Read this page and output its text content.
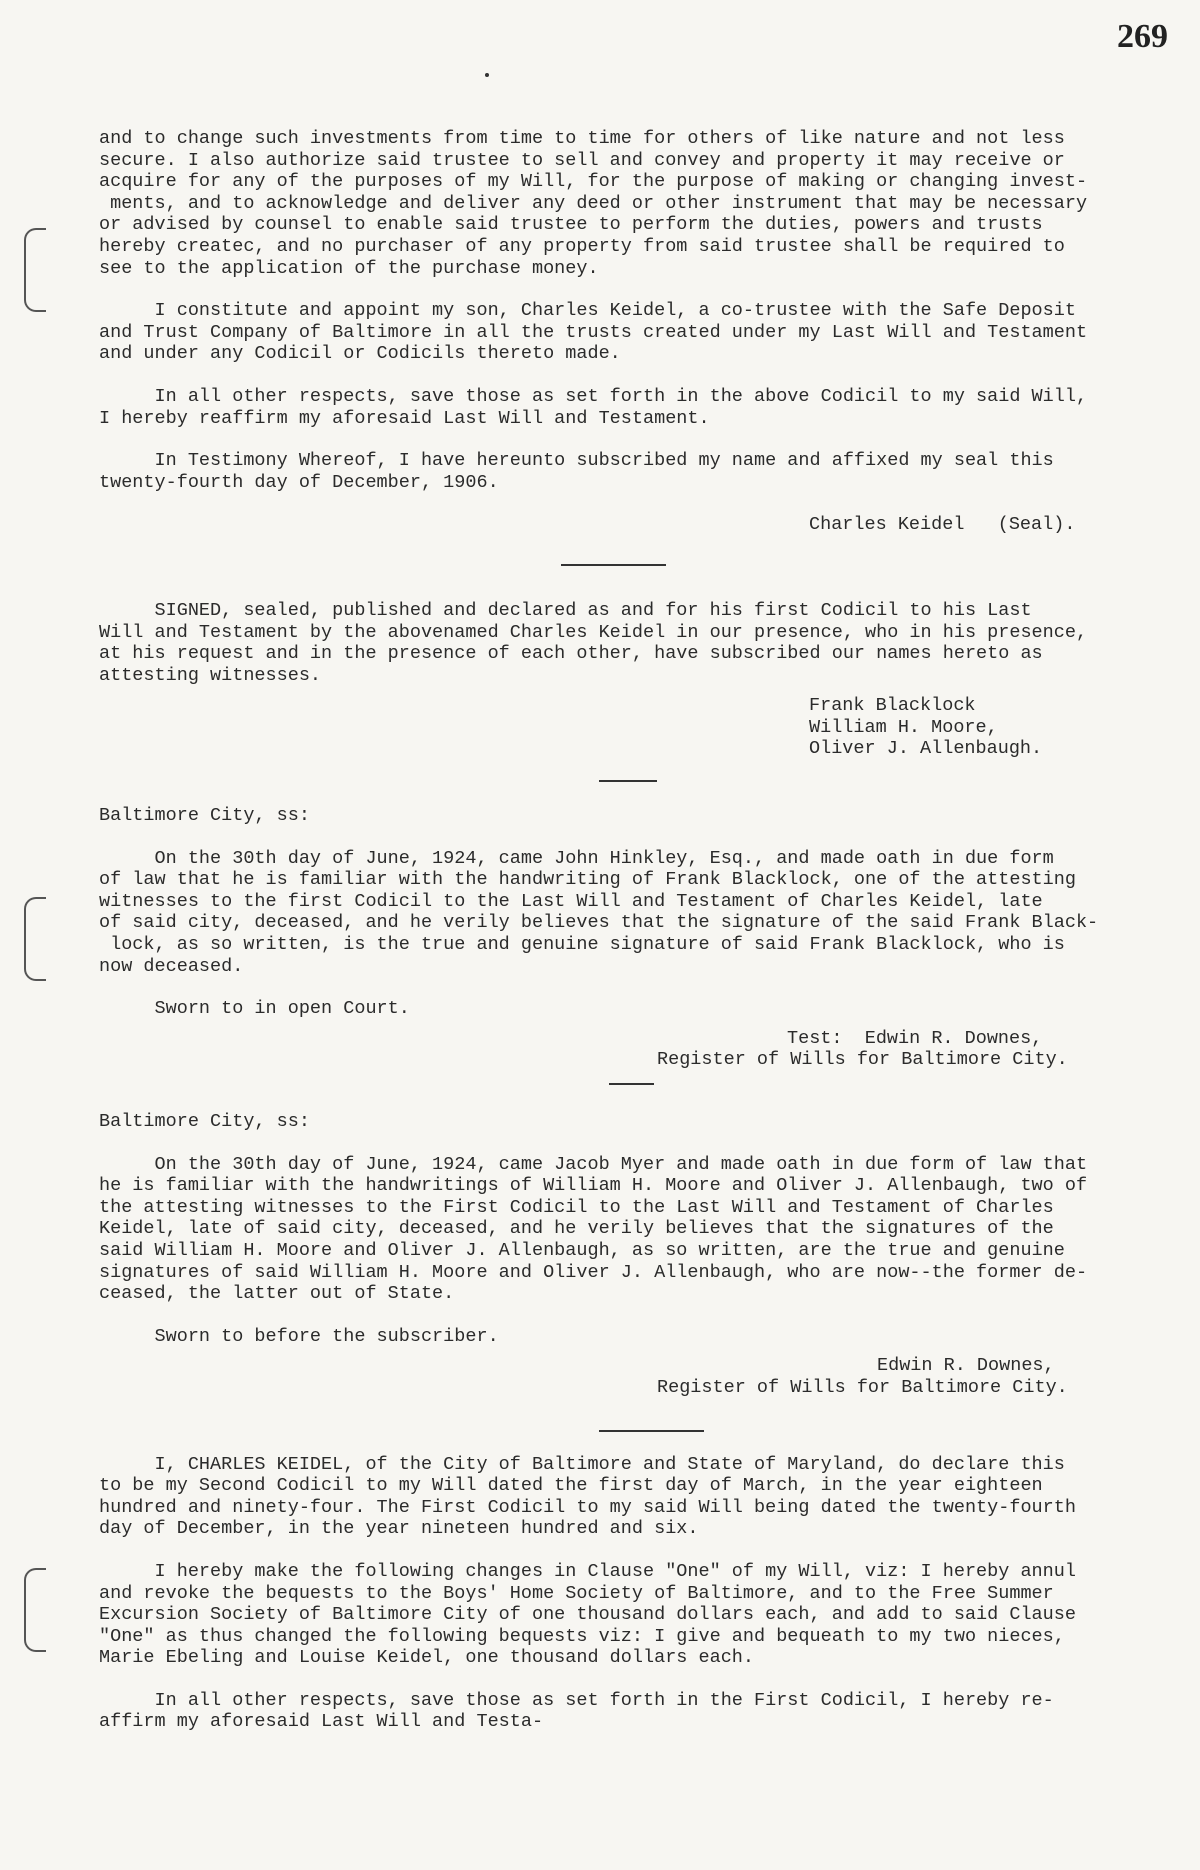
269

and to change such investments from time to time for others of like nature and not less

secure. I also authorize said trustee to sell and convey and property it may receive or

acquire for any of the purposes of my Will, for the purpose of making or changing invest-

ments, and to acknowledge and deliver any deed or other instrument that may be necessary

or advised by counsel to enable said trustee to perform the duties, powers and trusts

hereby createc, and no purchaser of any property from said trustee shall be required to

see to the application of the purchase money.

I constitute and appoint my son, Charles Keidel, a co-trustee with the Safe Deposit

and Trust Company of Baltimore in all the trusts created under my Last Will and Testament

and under any Codicil or Codicils thereto made.

In all other respects, save those as set forth in the above Codicil to my said Will,

I hereby reaffirm my aforesaid Last Will and Testament.

In Testimony Whereof, I have hereunto subscribed my name and affixed my seal this

twenty-fourth day of December, 1906.

Charles Keidel   (Seal).

SIGNED, sealed, published and declared as and for his first Codicil to his Last

Will and Testament by the abovenamed Charles Keidel in our presence, who in his presence,

at his request and in the presence of each other, have subscribed our names hereto as

attesting witnesses.

Frank Blacklock
William H. Moore,
Oliver J. Allenbaugh.

Baltimore City, ss:

On the 30th day of June, 1924, came John Hinkley, Esq., and made oath in due form

of law that he is familiar with the handwriting of Frank Blacklock, one of the attesting

witnesses to the first Codicil to the Last Will and Testament of Charles Keidel, late

of said city, deceased, and he verily believes that the signature of the said Frank Black-

lock, as so written, is the true and genuine signature of said Frank Blacklock, who is

now deceased.

Sworn to in open Court.

Test:  Edwin R. Downes,
Register of Wills for Baltimore City.

Baltimore City, ss:

On the 30th day of June, 1924, came Jacob Myer and made oath in due form of law that

he is familiar with the handwritings of William H. Moore and Oliver J. Allenbaugh, two of

the attesting witnesses to the First Codicil to the Last Will and Testament of Charles

Keidel, late of said city, deceased, and he verily believes that the signatures of the

said William H. Moore and Oliver J. Allenbaugh, as so written, are the true and genuine

signatures of said William H. Moore and Oliver J. Allenbaugh, who are now--the former de-

ceased, the latter out of State.

Sworn to before the subscriber.

Edwin R. Downes,
Register of Wills for Baltimore City.

I, CHARLES KEIDEL, of the City of Baltimore and State of Maryland, do declare this

to be my Second Codicil to my Will dated the first day of March, in the year eighteen

hundred and ninety-four. The First Codicil to my said Will being dated the twenty-fourth

day of December, in the year nineteen hundred and six.

I hereby make the following changes in Clause "One" of my Will, viz: I hereby annul

and revoke the bequests to the Boys' Home Society of Baltimore, and to the Free Summer

Excursion Society of Baltimore City of one thousand dollars each, and add to said Clause

"One" as thus changed the following bequests viz: I give and bequeath to my two nieces,

Marie Ebeling and Louise Keidel, one thousand dollars each.

In all other respects, save those as set forth in the First Codicil, I hereby re-

affirm my aforesaid Last Will and Testa-
